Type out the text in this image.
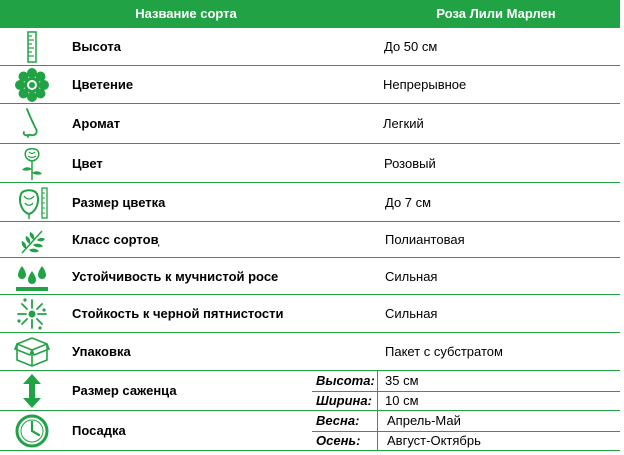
Название сорта	Роза Лили Марлен
Высота	До 50 см
Цветение	Непрерывное
Аромат	Легкий
Цвет	Розовый
Размер цветка	До 7 см
Класс сортов	Полиантовая
Устойчивость к мучнистой росе	Сильная
Стойкость к черной пятнистости	Сильная
Упаковка	Пакет с субстратом
Размер саженца
Высота: 35 см
Ширина: 10 см
Посадка
Весна: Апрель-Май
Осень: Август-Октябрь
